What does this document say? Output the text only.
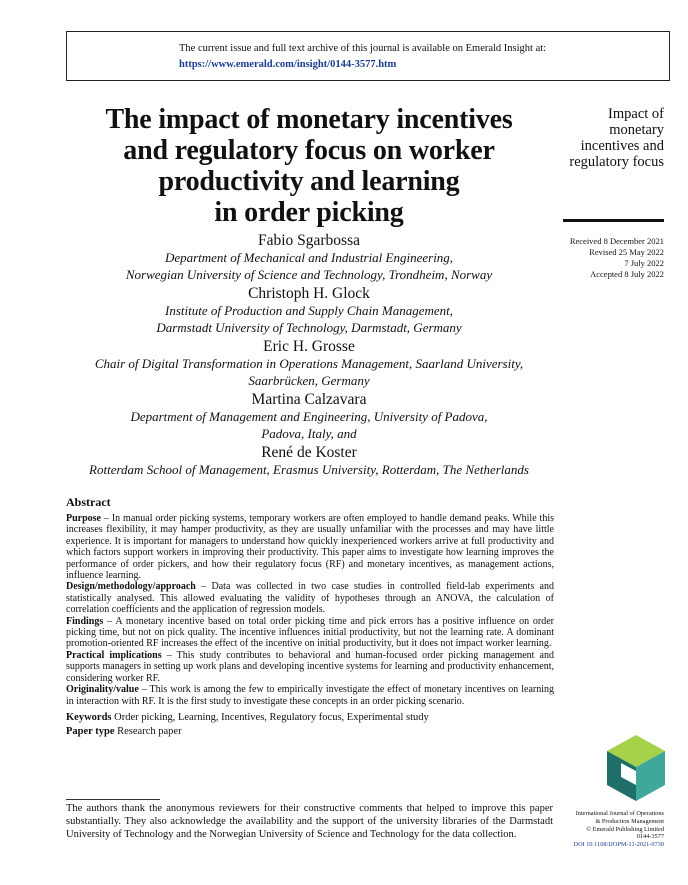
The current issue and full text archive of this journal is available on Emerald Insight at:
https://www.emerald.com/insight/0144-3577.htm
The impact of monetary incentives
and regulatory focus on worker
productivity and learning
in order picking
Fabio Sgarbossa
Department of Mechanical and Industrial Engineering,
Norwegian University of Science and Technology, Trondheim, Norway
Christoph H. Glock
Institute of Production and Supply Chain Management,
Darmstadt University of Technology, Darmstadt, Germany
Eric H. Grosse
Chair of Digital Transformation in Operations Management, Saarland University,
Saarbrücken, Germany
Martina Calzavara
Department of Management and Engineering, University of Padova,
Padova, Italy, and
René de Koster
Rotterdam School of Management, Erasmus University, Rotterdam, The Netherlands
Impact of
monetary
incentives and
regulatory focus
Received 8 December 2021
Revised 25 May 2022
7 July 2022
Accepted 8 July 2022
Abstract

Purpose – In manual order picking systems, temporary workers are often employed to handle demand peaks. While this increases flexibility, it may hamper productivity, as they are usually unfamiliar with the processes and may have little experience. It is important for managers to understand how quickly inexperienced workers arrive at full productivity and which factors support workers in improving their productivity. This paper aims to investigate how learning improves the performance of order pickers, and how their regulatory focus (RF) and monetary incentives, as management actions, influence learning.

Design/methodology/approach – Data was collected in two case studies in controlled field-lab experiments and statistically analysed. This allowed evaluating the validity of hypotheses through an ANOVA, the calculation of correlation coefficients and the application of regression models.

Findings – A monetary incentive based on total order picking time and pick errors has a positive influence on order picking time, but not on pick quality. The incentive influences initial productivity, but not the learning rate. A dominant promotion-oriented RF increases the effect of the incentive on initial productivity, but it does not impact worker learning.

Practical implications – This study contributes to behavioral and human-focused order picking management and supports managers in setting up work plans and developing incentive systems for learning and productivity enhancement, considering worker RF.

Originality/value – This work is among the few to empirically investigate the effect of monetary incentives on learning in interaction with RF. It is the first study to investigate these concepts in an order picking scenario.

Keywords Order picking, Learning, Incentives, Regulatory focus, Experimental study
Paper type Research paper
The authors thank the anonymous reviewers for their constructive comments that helped to improve this paper substantially. They also acknowledge the availability and the support of the university libraries of the Darmstadt University of Technology and the Norwegian University of Science and Technology for the data collection.
International Journal of Operations
& Production Management
© Emerald Publishing Limited
0144-3577
DOI 10.1108/IJOPM-11-2021-0730
